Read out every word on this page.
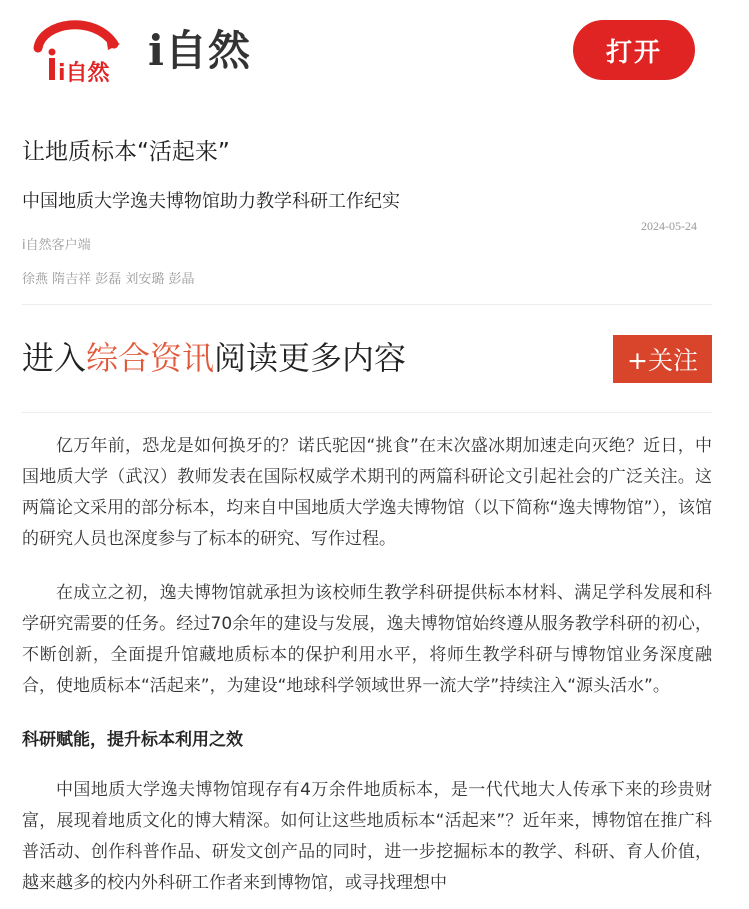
i自然 i自然	打开
让地质标本“活起来”
中国地质大学逸夫博物馆助力教学科研工作纪实
2024-05-24
i自然客户端
徐燕 隋吉祥 彭磊 刘安璐 彭晶
进入综合资讯阅读更多内容	+关注

亿万年前，恐龙是如何换牙的？诺氏驼因“挑食”在末次盛冰期加速走向灭绝？近日，中国地质大学（武汉）教师发表在国际权威学术期刊的两篇科研论文引起社会的广泛关注。这两篇论文采用的部分标本，均来自中国地质大学逸夫博物馆（以下简称“逸夫博物馆”），该馆的研究人员也深度参与了标本的研究、写作过程。

在成立之初，逸夫博物馆就承担为该校师生教学科研提供标本材料、满足学科发展和科学研究需要的任务。经过70余年的建设与发展，逸夫博物馆始终遵从服务教学科研的初心，不断创新，全面提升馆藏地质标本的保护利用水平，将师生教学科研与博物馆业务深度融合，使地质标本“活起来”，为建设“地球科学领域世界一流大学”持续注入“源头活水”。

科研赋能，提升标本利用之效

中国地质大学逸夫博物馆现存有4万余件地质标本，是一代代地大人传承下来的珍贵财富，展现着地质文化的博大精深。如何让这些地质标本“活起来”？近年来，博物馆在推广科普活动、创作科普作品、研发文创产品的同时，进一步挖掘标本的教学、科研、育人价值，越来越多的校内外科研工作者来到博物馆，或寻找理想中
